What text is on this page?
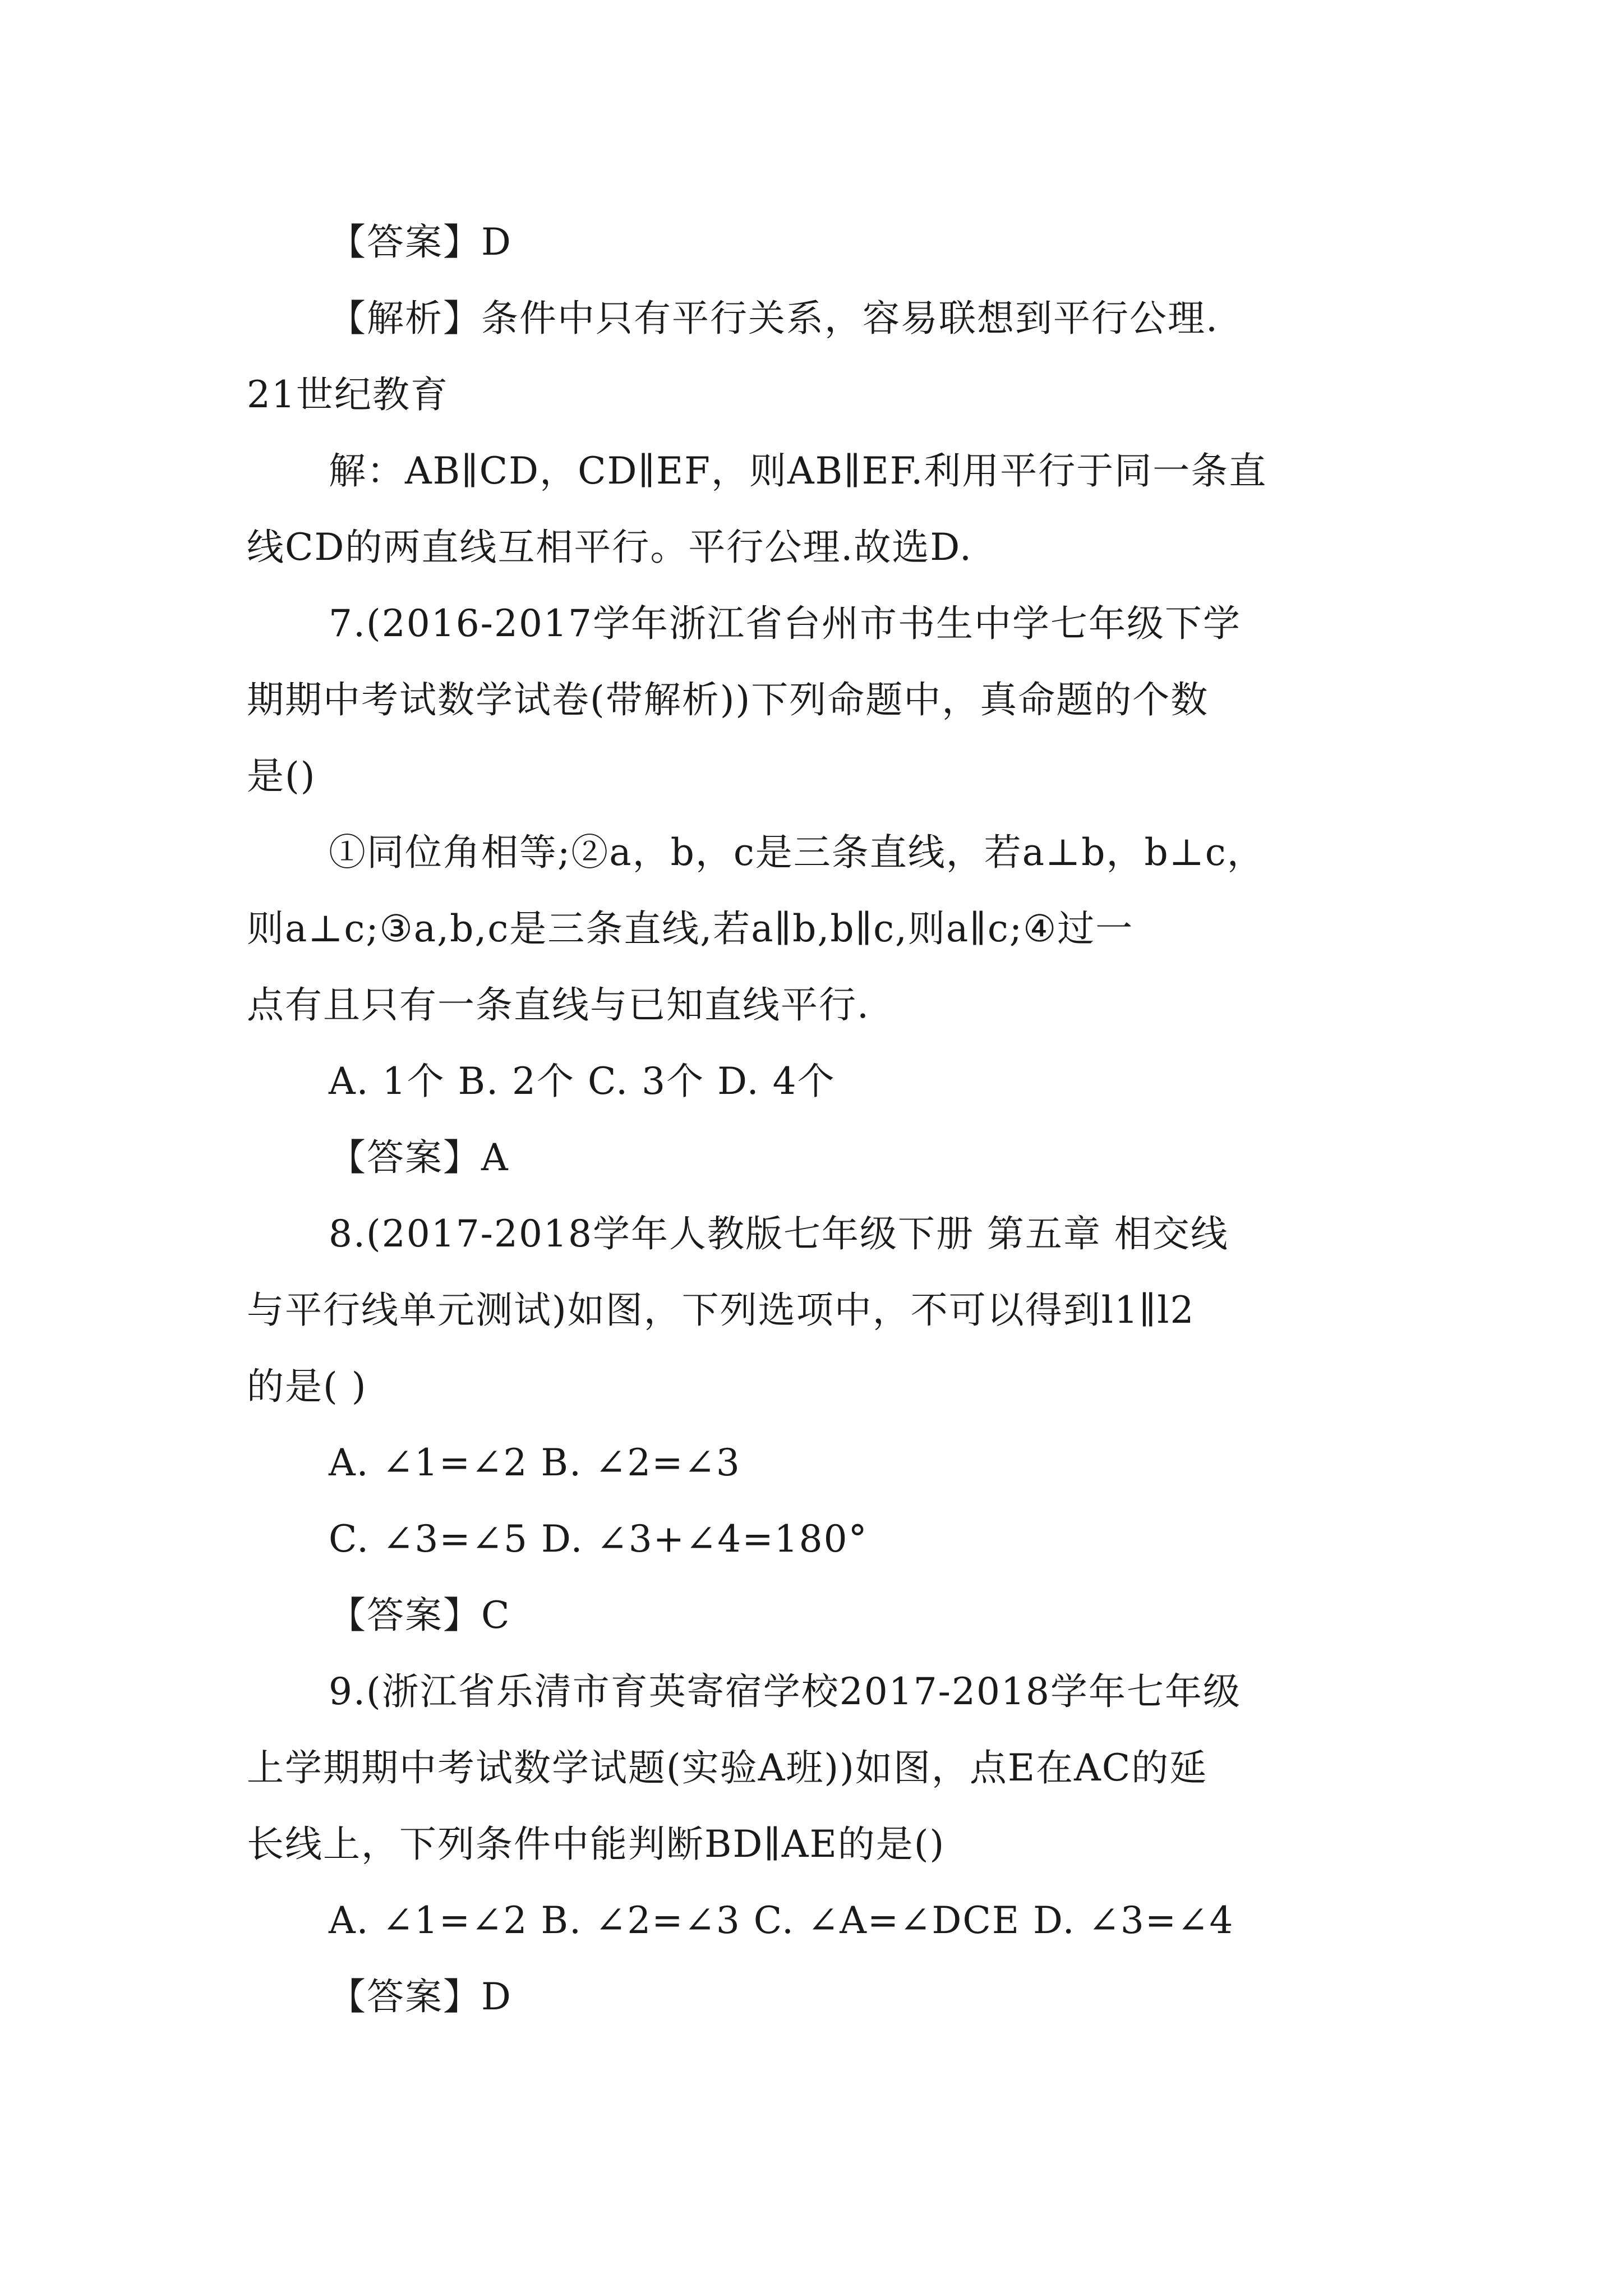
【答案】D
【解析】条件中只有平行关系，容易联想到平行公理.
21世纪教育
解：AB∥CD，CD∥EF，则AB∥EF.利用平行于同一条直
线CD的两直线互相平行。平行公理.故选D.
7.(2016-2017学年浙江省台州市书生中学七年级下学
期期中考试数学试卷(带解析))下列命题中，真命题的个数
是()
①同位角相等;②a，b，c是三条直线，若a⊥b，b⊥c，
则a⊥c;③a,b,c是三条直线,若a∥b,b∥c,则a∥c;④过一
点有且只有一条直线与已知直线平行.
A. 1个 B. 2个 C. 3个 D. 4个
【答案】A
8.(2017-2018学年人教版七年级下册 第五章 相交线
与平行线单元测试)如图，下列选项中，不可以得到l1∥l2
的是( )
A. ∠1=∠2 B. ∠2=∠3
C. ∠3=∠5 D. ∠3+∠4=180°
【答案】C
9.(浙江省乐清市育英寄宿学校2017-2018学年七年级
上学期期中考试数学试题(实验A班))如图，点E在AC的延
长线上，下列条件中能判断BD∥AE的是()
A. ∠1=∠2 B. ∠2=∠3 C. ∠A=∠DCE D. ∠3=∠4
【答案】D
